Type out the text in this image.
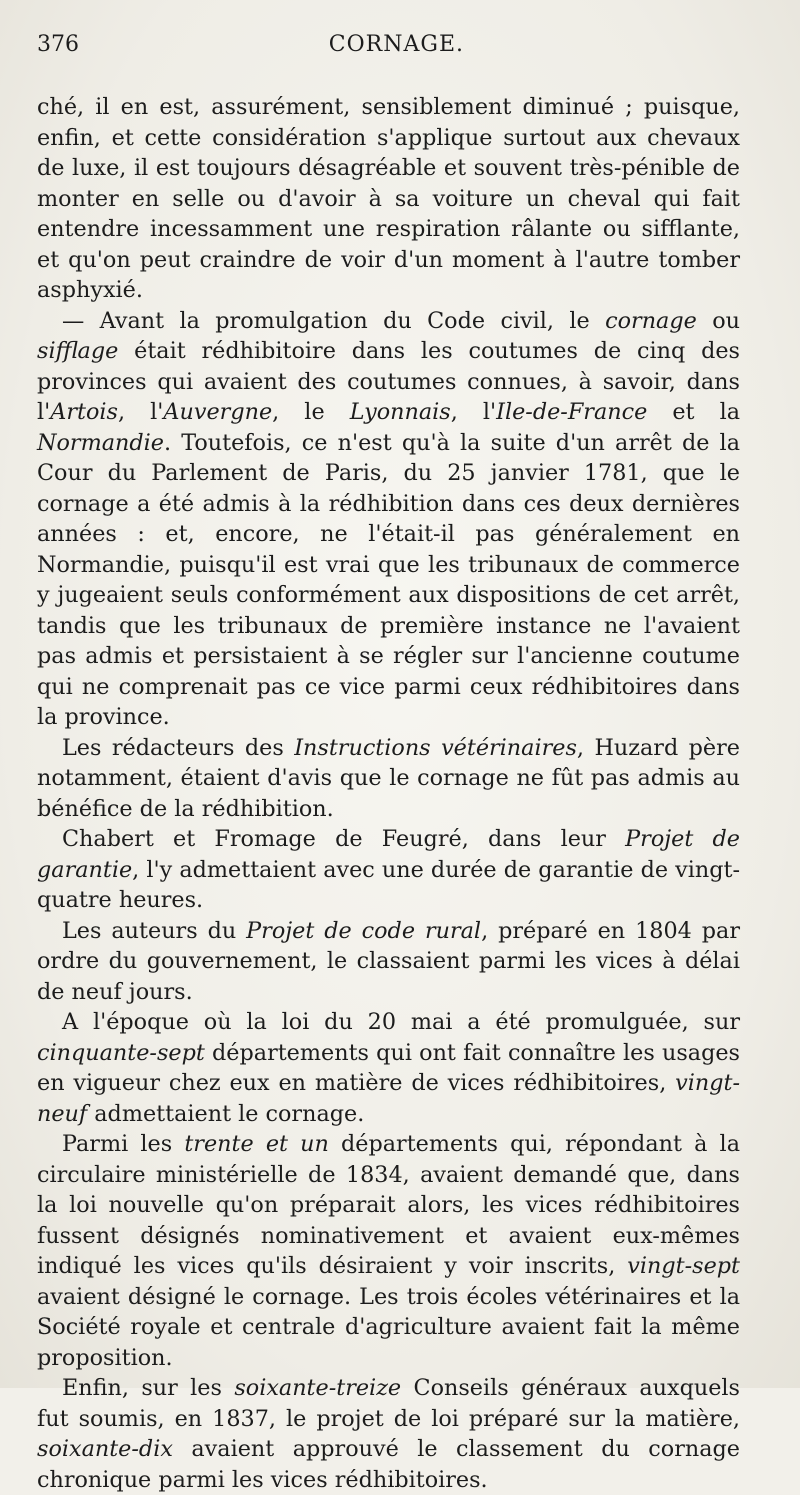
376	CORNAGE.

ché, il en est, assurément, sensiblement diminué ; puisque, enfin, et cette considération s'applique surtout aux chevaux de luxe, il est toujours désagréable et souvent très-pénible de monter en selle ou d'avoir à sa voiture un cheval qui fait entendre incessamment une respiration râlante ou sifflante, et qu'on peut craindre de voir d'un moment à l'autre tomber asphyxié.

— Avant la promulgation du Code civil, le cornage ou sifflage était rédhibitoire dans les coutumes de cinq des provinces qui avaient des coutumes connues, à savoir, dans l'Artois, l'Auvergne, le Lyonnais, l'Ile-de-France et la Normandie. Toutefois, ce n'est qu'à la suite d'un arrêt de la Cour du Parlement de Paris, du 25 janvier 1781, que le cornage a été admis à la rédhibition dans ces deux dernières années : et, encore, ne l'était-il pas généralement en Normandie, puisqu'il est vrai que les tribunaux de commerce y jugeaient seuls conformément aux dispositions de cet arrêt, tandis que les tribunaux de première instance ne l'avaient pas admis et persistaient à se régler sur l'ancienne coutume qui ne comprenait pas ce vice parmi ceux rédhibitoires dans la province.

Les rédacteurs des Instructions vétérinaires, Huzard père notamment, étaient d'avis que le cornage ne fût pas admis au bénéfice de la rédhibition.

Chabert et Fromage de Feugré, dans leur Projet de garantie, l'y admettaient avec une durée de garantie de vingt-quatre heures.

Les auteurs du Projet de code rural, préparé en 1804 par ordre du gouvernement, le classaient parmi les vices à délai de neuf jours.

A l'époque où la loi du 20 mai a été promulguée, sur cinquante-sept départements qui ont fait connaître les usages en vigueur chez eux en matière de vices rédhibitoires, vingt-neuf admettaient le cornage.

Parmi les trente et un départements qui, répondant à la circulaire ministérielle de 1834, avaient demandé que, dans la loi nouvelle qu'on préparait alors, les vices rédhibitoires fussent désignés nominativement et avaient eux-mêmes indiqué les vices qu'ils désiraient y voir inscrits, vingt-sept avaient désigné le cornage. Les trois écoles vétérinaires et la Société royale et centrale d'agriculture avaient fait la même proposition.

Enfin, sur les soixante-treize Conseils généraux auxquels fut soumis, en 1837, le projet de loi préparé sur la matière, soixante-dix avaient approuvé le classement du cornage chronique parmi les vices rédhibitoires.
